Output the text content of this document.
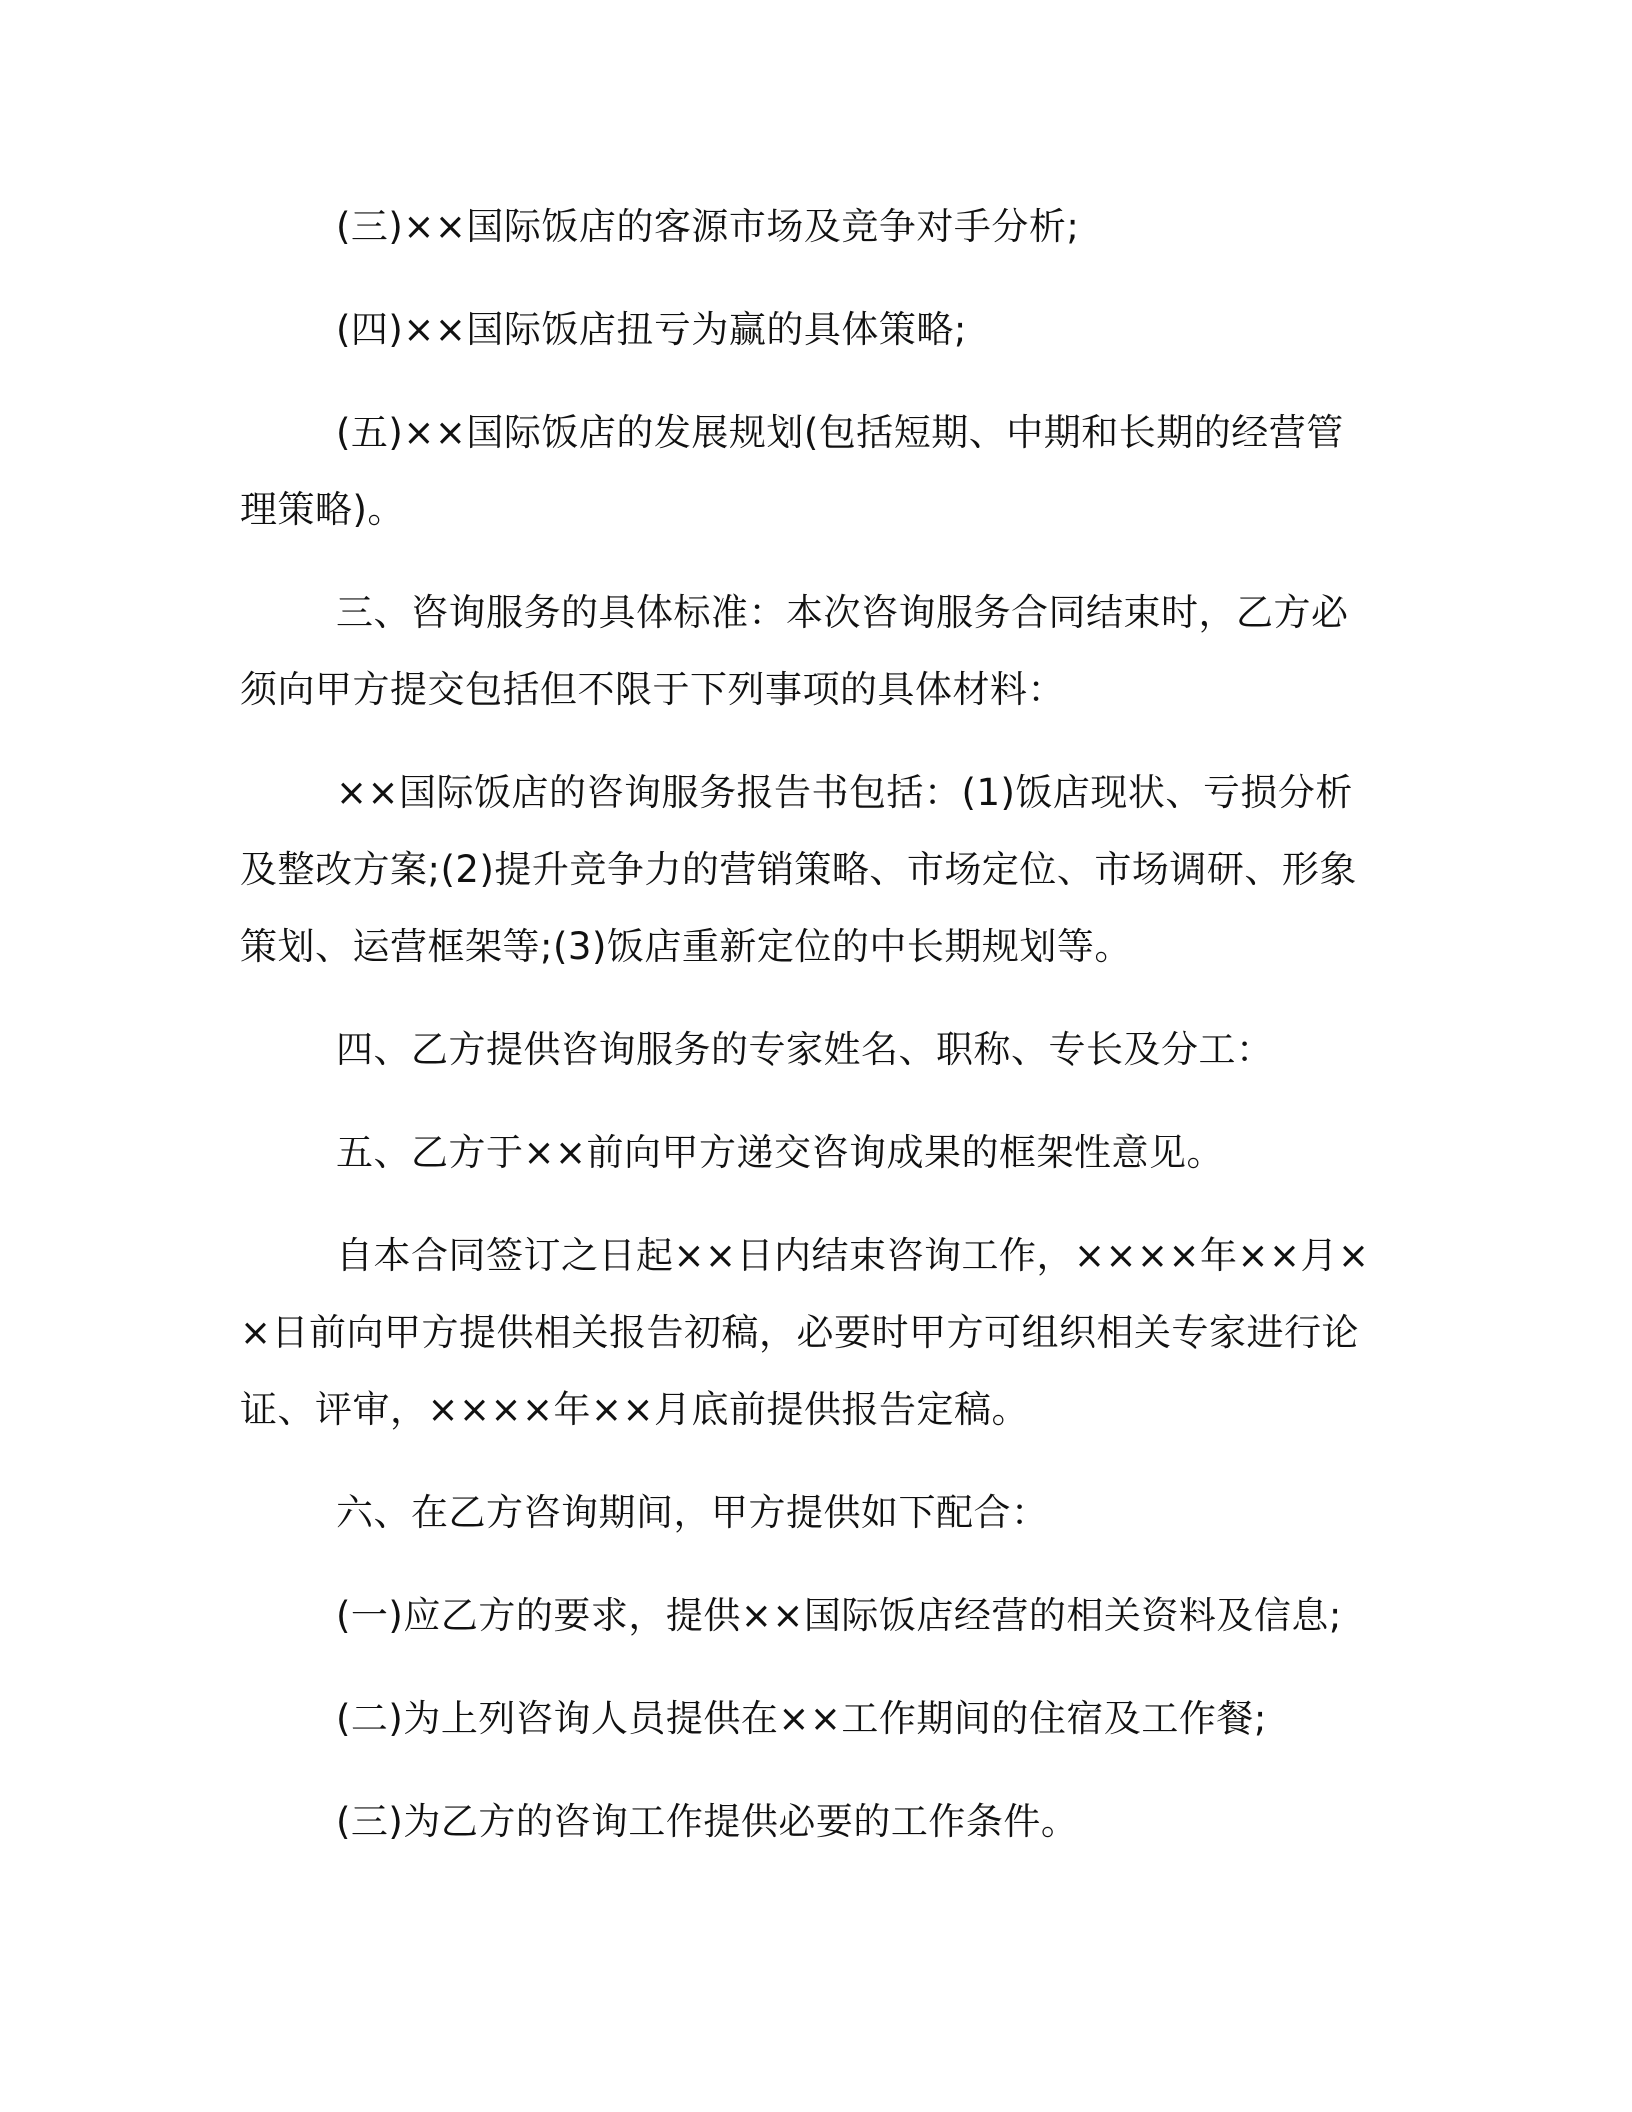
(三)××国际饭店的客源市场及竞争对手分析;

(四)××国际饭店扭亏为赢的具体策略;

(五)××国际饭店的发展规划(包括短期、中期和长期的经营管理策略)。

三、咨询服务的具体标准：本次咨询服务合同结束时，乙方必须向甲方提交包括但不限于下列事项的具体材料：

××国际饭店的咨询服务报告书包括：(1)饭店现状、亏损分析及整改方案;(2)提升竞争力的营销策略、市场定位、市场调研、形象策划、运营框架等;(3)饭店重新定位的中长期规划等。

四、乙方提供咨询服务的专家姓名、职称、专长及分工：

五、乙方于××前向甲方递交咨询成果的框架性意见。

自本合同签订之日起××日内结束咨询工作，××××年××月××日前向甲方提供相关报告初稿，必要时甲方可组织相关专家进行论证、评审，××××年××月底前提供报告定稿。

六、在乙方咨询期间，甲方提供如下配合：

(一)应乙方的要求，提供××国际饭店经营的相关资料及信息;

(二)为上列咨询人员提供在××工作期间的住宿及工作餐;

(三)为乙方的咨询工作提供必要的工作条件。
